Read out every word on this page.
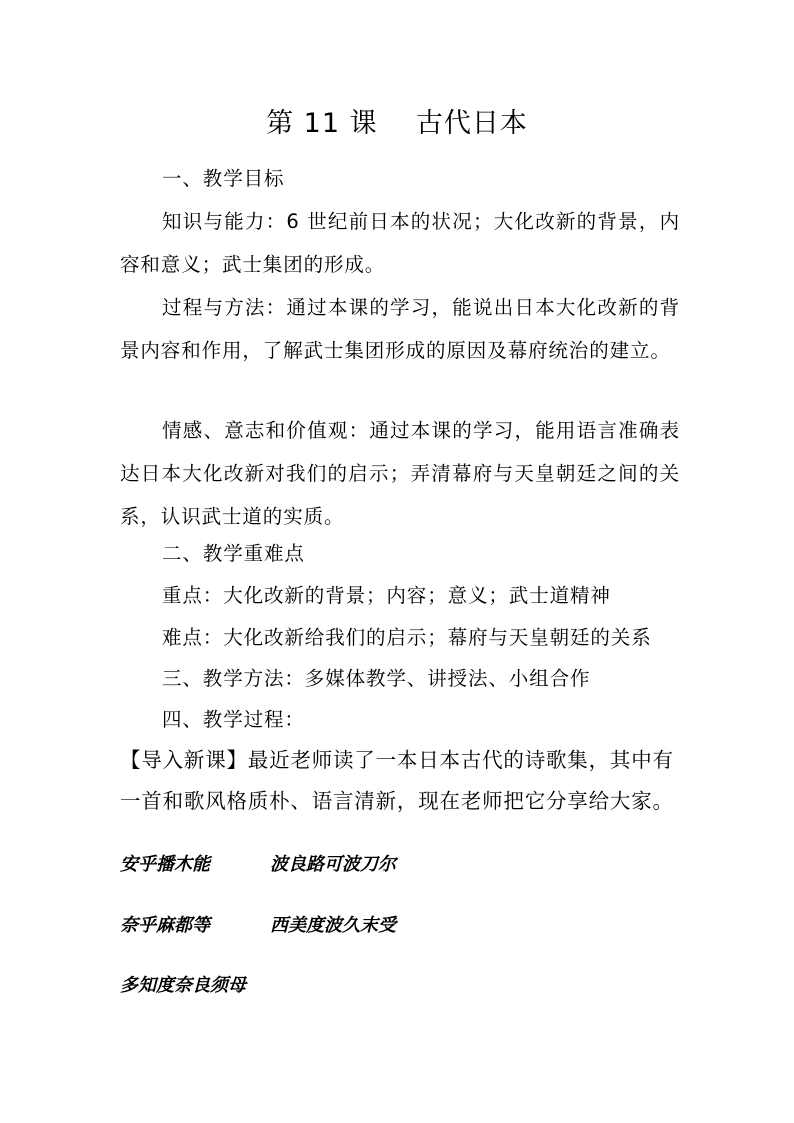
第 11 课    古代日本
一、教学目标
知识与能力：6 世纪前日本的状况；大化改新的背景，内容和意义；武士集团的形成。
过程与方法：通过本课的学习，能说出日本大化改新的背景内容和作用，了解武士集团形成的原因及幕府统治的建立。
情感、意志和价值观：通过本课的学习，能用语言准确表达日本大化改新对我们的启示；弄清幕府与天皇朝廷之间的关系，认识武士道的实质。
二、教学重难点
重点：大化改新的背景；内容；意义；武士道精神
难点：大化改新给我们的启示；幕府与天皇朝廷的关系
三、教学方法：多媒体教学、讲授法、小组合作
四、教学过程：
【导入新课】最近老师读了一本日本古代的诗歌集，其中有一首和歌风格质朴、语言清新，现在老师把它分享给大家。
安乎播木能	波良路可波刀尔
奈乎麻都等	西美度波久末受
多知度奈良须母
